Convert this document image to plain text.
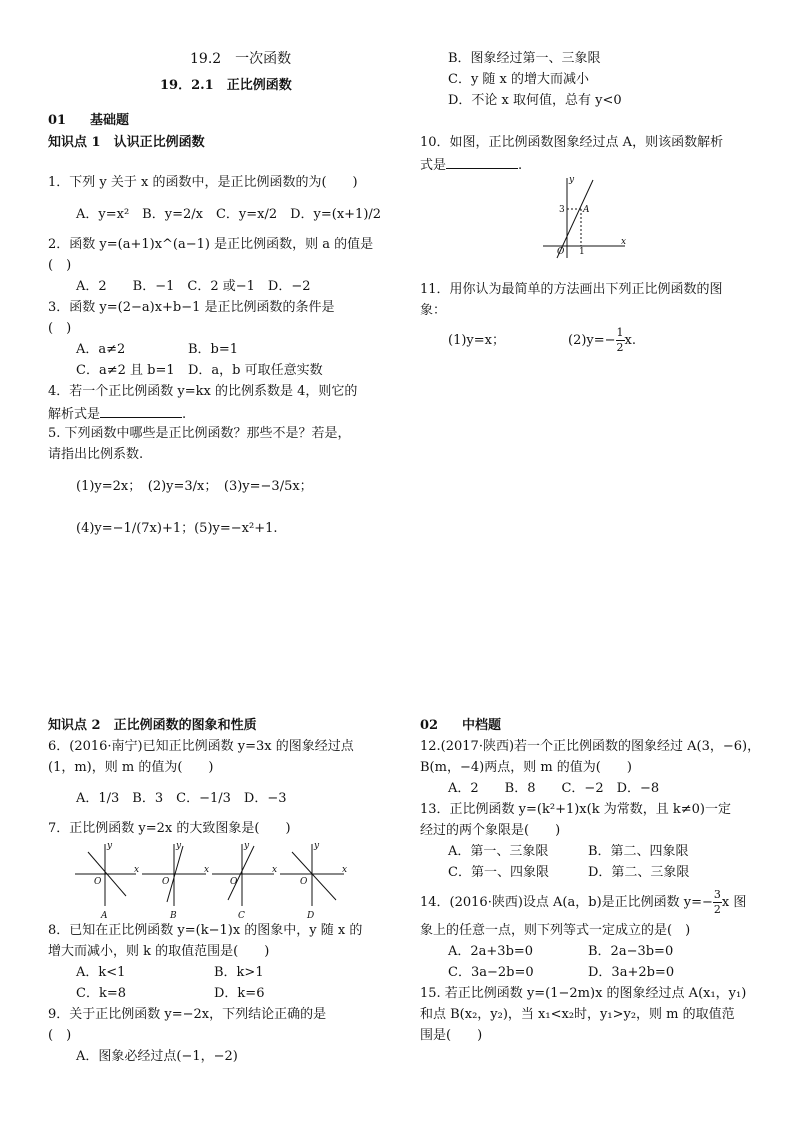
19.2　一次函数
19．2.1　正比例函数
01 基础题
知识点 1　认识正比例函数
1．下列 y 关于 x 的函数中，是正比例函数的为(　　)
A．y=x²　B．y=2/x　C．y=x/2　D．y=(x+1)/2
2．函数 y=(a+1)x^(a−1) 是正比例函数，则 a 的值是
(　)
A．2　　B．−1　C．2 或−1　D．−2
3．函数 y=(2−a)x+b−1 是正比例函数的条件是
(　)
A．a≠2	B．b=1
C．a≠2 且 b=1 D．a，b 可取任意实数
4．若一个正比例函数 y=kx 的比例系数是 4，则它的
解析式是	.
5. 下列函数中哪些是正比例函数？那些不是？若是，
请指出比例系数.
(1)y=2x；　(2)y=3/x；　(3)y=−3/5x；
(4)y=−1/(7x)+1；(5)y=−x²+1.
知识点 2　正比例函数的图象和性质
6．(2016·南宁)已知正比例函数 y=3x 的图象经过点
(1，m)，则 m 的值为(　　)
A．1/3　B．3　C．−1/3　D．−3
7．正比例函数 y=2x 的大致图象是(　　)
y
x
O
A
y
x
O
B
y
x
O
C
y
x
O
D
8．已知在正比例函数 y=(k−1)x 的图象中，y 随 x 的
增大而减小，则 k 的取值范围是(　　)
A．k<1	B．k>1
C．k=8	D．k=6
9．关于正比例函数 y=−2x，下列结论正确的是
(　)
A．图象必经过点(−1，−2)
B．图象经过第一、三象限
C．y 随 x 的增大而减小
D．不论 x 取何值，总有 y<0
10．如图，正比例函数图象经过点 A，则该函数解析
式是	.
y
x
O
A
3
1
11．用你认为最简单的方法画出下列正比例函数的图
象：
(1)y=x；	$(2)y=- \frac{1}{2} x$.
02 中档题
12.(2017·陕西)若一个正比例函数的图象经过 A(3，−6)，
B(m，−4)两点，则 m 的值为(　　)
A．2　　B．8　　C．−2　D．−8
13．正比例函数 y=(k²+1)x(k 为常数，且 k≠0)一定
经过的两个象限是(　　)
A．第一、三象限	B．第二、四象限
C．第一、四象限	D．第二、三象限
14．(2016·陕西)设点 A(a，b)是正比例函数 $y=- \frac{3}{2}$ x 图
象上的任意一点，则下列等式一定成立的是(　)
A．2a+3b=0	B．2a−3b=0
C．3a−2b=0	D．3a+2b=0
15. 若正比例函数 y=(1−2m)x 的图象经过点 A(x₁，y₁)
和点 B(x₂，y₂)，当 x₁<x₂时，y₁>y₂，则 m 的取值范
围是(　　)
